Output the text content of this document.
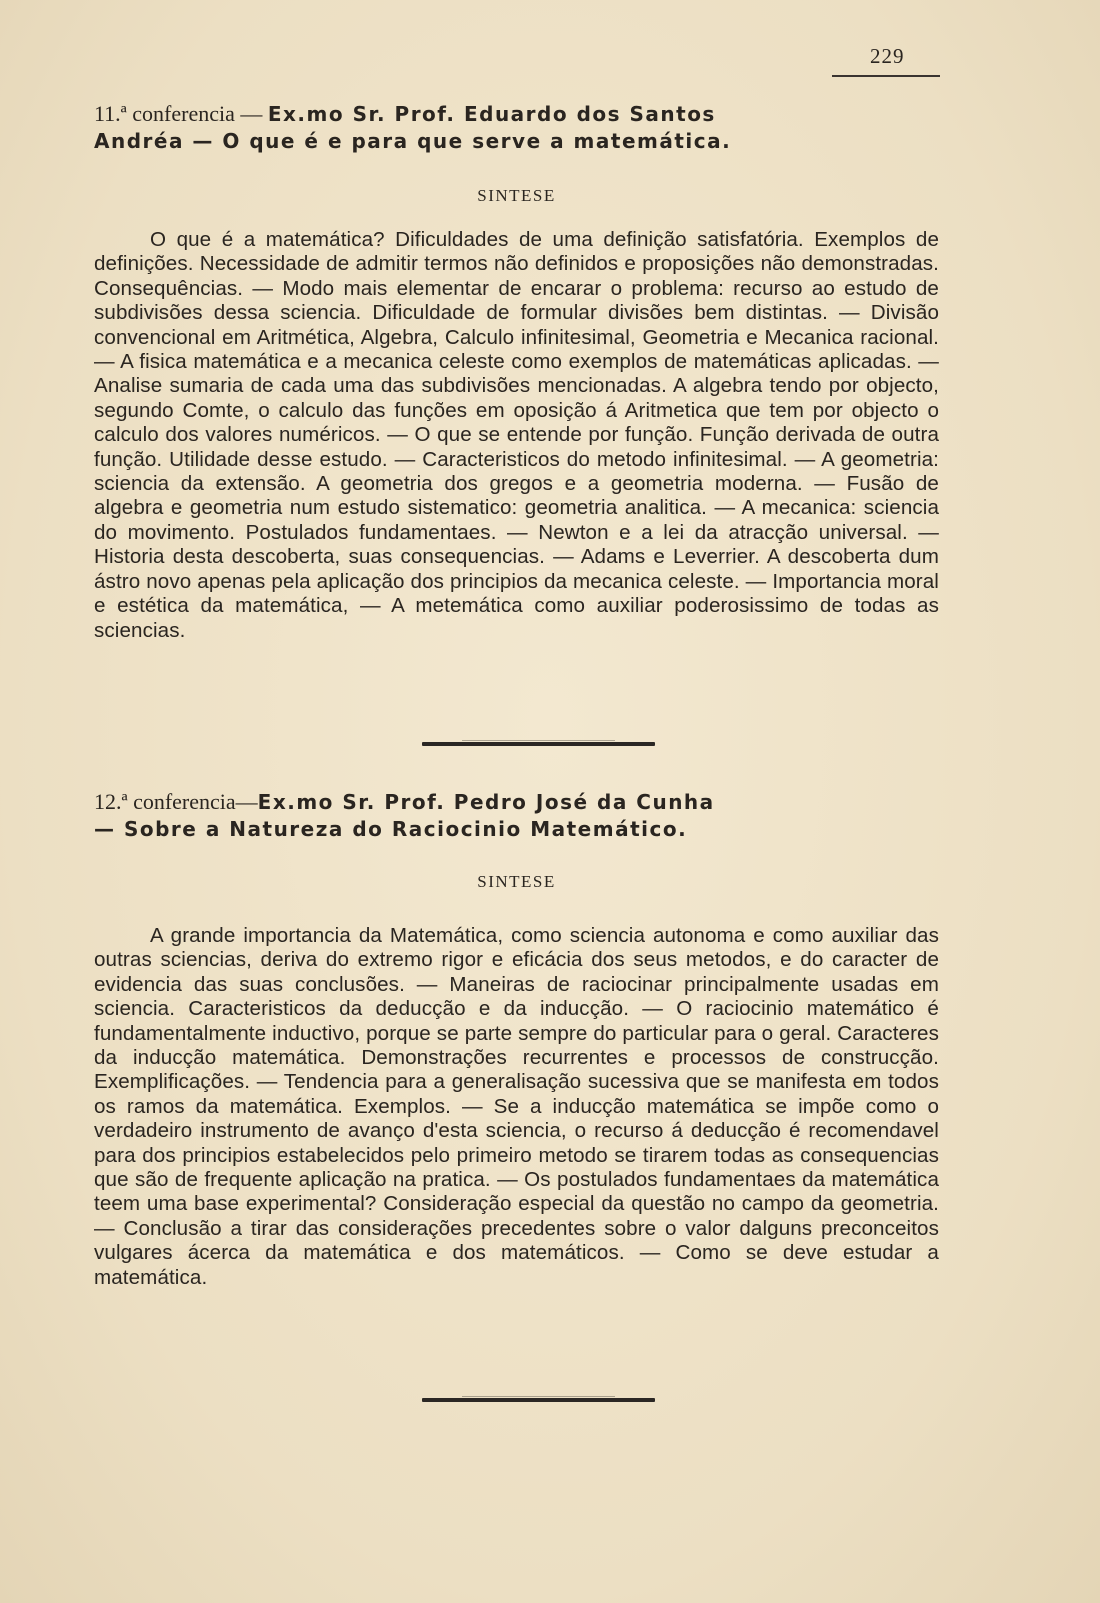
229

11.ª conferencia — Ex.mo Sr. Prof. Eduardo dos Santos
Andréa — O que é e para que serve a matemática.

SINTESE

O que é a matemática? Dificuldades de uma definição satisfatória. Exemplos de definições. Necessidade de admitir termos não definidos e proposições não demonstradas. Consequências. — Modo mais elementar de encarar o problema: recurso ao estudo de subdivisões dessa sciencia. Dificuldade de formular divisões bem distintas. — Divisão convencional em Aritmética, Algebra, Calculo infinitesimal, Geometria e Mecanica racional. — A fisica matemática e a mecanica celeste como exemplos de matemáticas aplicadas. — Analise sumaria de cada uma das subdivisões mencionadas. A algebra tendo por objecto, segundo Comte, o calculo das funções em oposição á Aritmetica que tem por objecto o calculo dos valores numéricos. — O que se entende por função. Função derivada de outra função. Utilidade desse estudo. — Caracteristicos do metodo infinitesimal. — A geometria: sciencia da extensão. A geometria dos gregos e a geometria moderna. — Fusão de algebra e geometria num estudo sistematico: geometria analitica. — A mecanica: sciencia do movimento. Postulados fundamentaes. — Newton e a lei da atracção universal. — Historia desta descoberta, suas consequencias. — Adams e Leverrier. A descoberta dum ástro novo apenas pela aplicação dos principios da mecanica celeste. — Importancia moral e estética da matemática, — A metemática como auxiliar poderosissimo de todas as sciencias.

12.ª conferencia—Ex.mo Sr. Prof. Pedro José da Cunha
— Sobre a Natureza do Raciocinio Matemático.

SINTESE

A grande importancia da Matemática, como sciencia autonoma e como auxiliar das outras sciencias, deriva do extremo rigor e eficácia dos seus metodos, e do caracter de evidencia das suas conclusões. — Maneiras de raciocinar principalmente usadas em sciencia. Caracteristicos da deducção e da inducção. — O raciocinio matemático é fundamentalmente inductivo, porque se parte sempre do particular para o geral. Caracteres da inducção matemática. Demonstrações recurrentes e processos de construcção. Exemplificações. — Tendencia para a generalisação sucessiva que se manifesta em todos os ramos da matemática. Exemplos. — Se a inducção matemática se impõe como o verdadeiro instrumento de avanço d'esta sciencia, o recurso á deducção é recomendavel para dos principios estabelecidos pelo primeiro metodo se tirarem todas as consequencias que são de frequente aplicação na pratica. — Os postulados fundamentaes da matemática teem uma base experimental? Consideração especial da questão no campo da geometria. — Conclusão a tirar das considerações precedentes sobre o valor dalguns preconceitos vulgares ácerca da matemática e dos matemáticos. — Como se deve estudar a matemática.
